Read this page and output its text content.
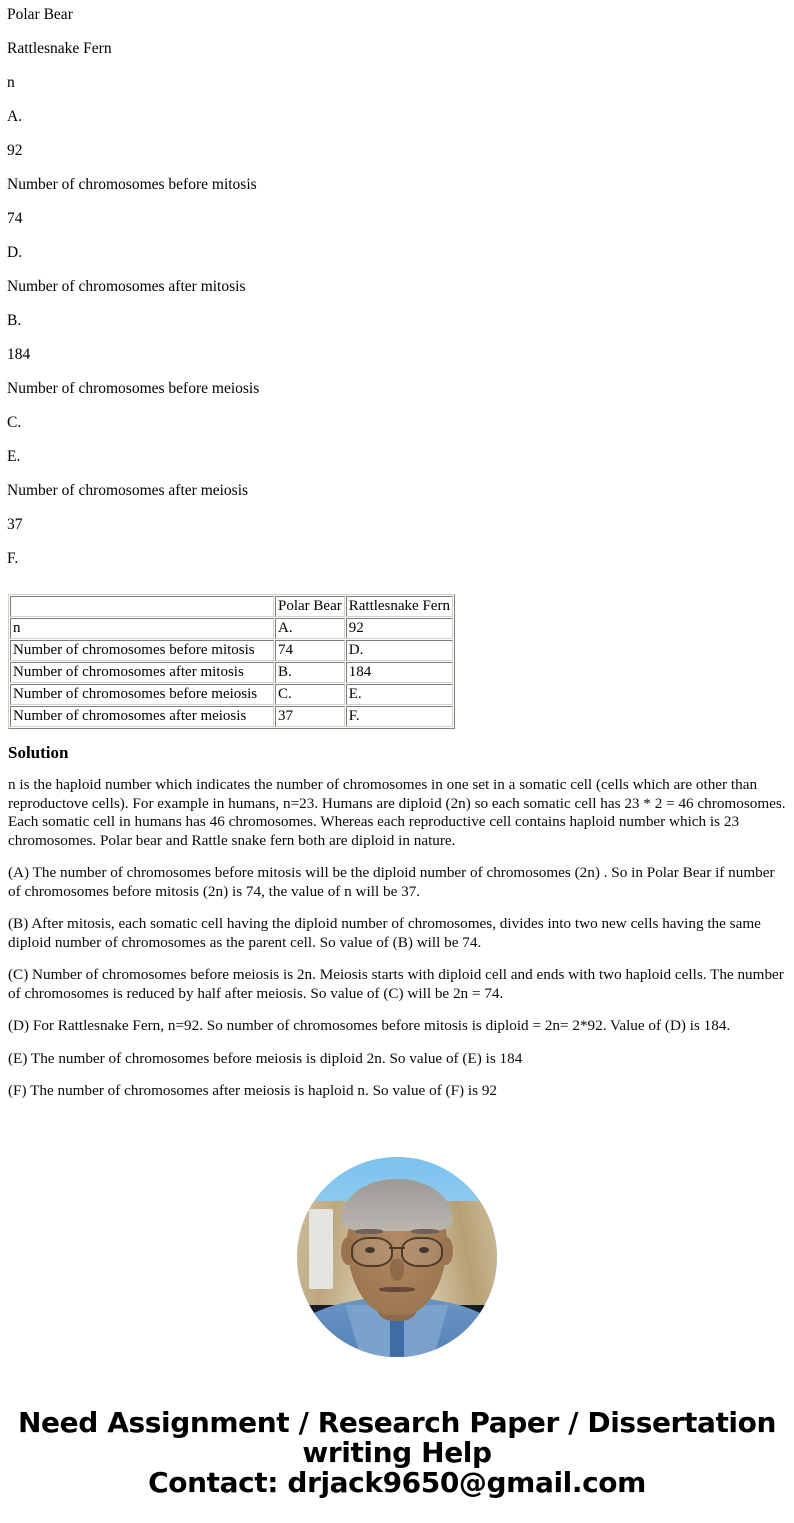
Polar Bear

Rattlesnake Fern

n

A.

92

Number of chromosomes before mitosis

74

D.

Number of chromosomes after mitosis

B.

184

Number of chromosomes before meiosis

C.

E.

Number of chromosomes after meiosis

37

F.

	Polar Bear	Rattlesnake Fern
n	A.	92
Number of chromosomes before mitosis	74	D.
Number of chromosomes after mitosis	B.	184
Number of chromosomes before meiosis	C.	E.
Number of chromosomes after meiosis	37	F.
Solution

n is the haploid number which indicates the number of chromosomes in one set in a somatic cell (cells which are other than reproductove cells). For example in humans, n=23. Humans are diploid (2n) so each somatic cell has 23 * 2 = 46 chromosomes. Each somatic cell in humans has 46 chromosomes. Whereas each reproductive cell contains haploid number which is 23 chromosomes. Polar bear and Rattle snake fern both are diploid in nature.

(A) The number of chromosomes before mitosis will be the diploid number of chromosomes (2n) . So in Polar Bear if number of chromosomes before mitosis (2n) is 74, the value of n will be 37.

(B) After mitosis, each somatic cell having the diploid number of chromosomes, divides into two new cells having the same diploid number of chromosomes as the parent cell. So value of (B) will be 74.

(C) Number of chromosomes before meiosis is 2n. Meiosis starts with diploid cell and ends with two haploid cells. The number of chromosomes is reduced by half after meiosis. So value of (C) will be 2n = 74.

(D) For Rattlesnake Fern, n=92. So number of chromosomes before mitosis is diploid = 2n= 2*92. Value of (D) is 184.

(E) The number of chromosomes before meiosis is diploid 2n. So value of (E) is 184

(F) The number of chromosomes after meiosis is haploid n. So value of (F) is 92

Need Assignment / Research Paper / Dissertation
writing Help
Contact: drjack9650@gmail.com
